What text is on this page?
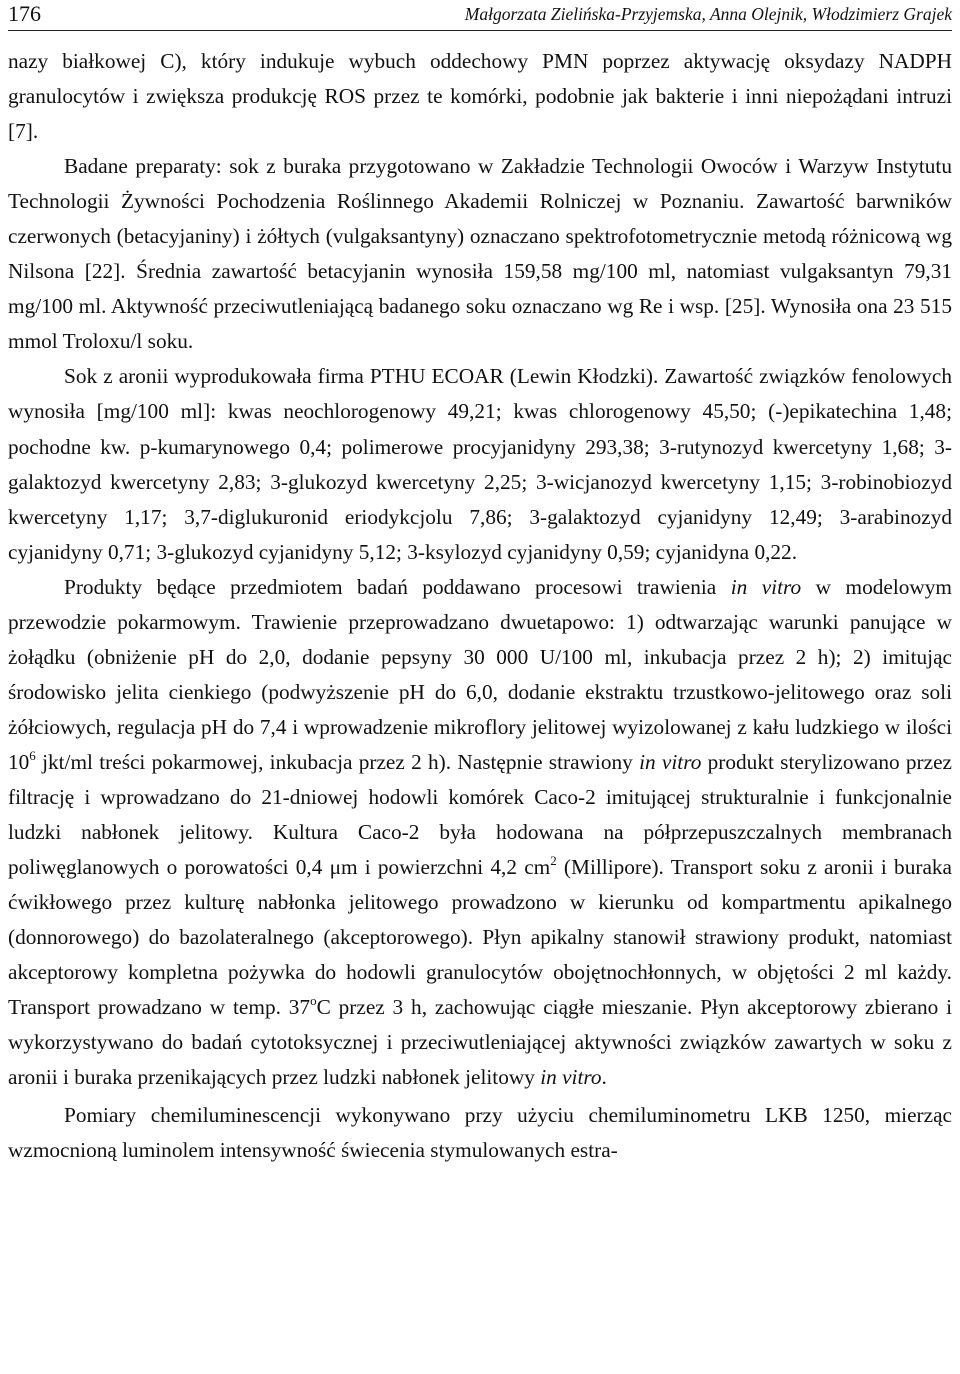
176	Małgorzata Zielińska-Przyjemska, Anna Olejnik, Włodzimierz Grajek

nazy białkowej C), który indukuje wybuch oddechowy PMN poprzez aktywację oksydazy NADPH granulocytów i zwiększa produkcję ROS przez te komórki, podobnie jak bakterie i inni niepożądani intruzi [7].

Badane preparaty: sok z buraka przygotowano w Zakładzie Technologii Owoców i Warzyw Instytutu Technologii Żywności Pochodzenia Roślinnego Akademii Rolniczej w Poznaniu. Zawartość barwników czerwonych (betacyjaniny) i żółtych (vulgaksantyny) oznaczano spektrofotometrycznie metodą różnicową wg Nilsona [22]. Średnia zawartość betacyjanin wynosiła 159,58 mg/100 ml, natomiast vulgaksantyn 79,31 mg/100 ml. Aktywność przeciwutleniającą badanego soku oznaczano wg Re i wsp. [25]. Wynosiła ona 23 515 mmol Troloxu/l soku.

Sok z aronii wyprodukowała firma PTHU ECOAR (Lewin Kłodzki). Zawartość związków fenolowych wynosiła [mg/100 ml]: kwas neochlorogenowy 49,21; kwas chlorogenowy 45,50; (-)epikatechina 1,48; pochodne kw. p-kumarynowego 0,4; polimerowe procyjanidyny 293,38; 3-rutynozyd kwercetyny 1,68; 3-galaktozyd kwercetyny 2,83; 3-glukozyd kwercetyny 2,25; 3-wicjanozyd kwercetyny 1,15; 3-robinobiozyd kwercetyny 1,17; 3,7-diglukuronid eriodykcjolu 7,86; 3-galaktozyd cyjanidyny 12,49; 3-arabinozyd cyjanidyny 0,71; 3-glukozyd cyjanidyny 5,12; 3-ksylozyd cyjanidyny 0,59; cyjanidyna 0,22.

Produkty będące przedmiotem badań poddawano procesowi trawienia in vitro w modelowym przewodzie pokarmowym. Trawienie przeprowadzano dwuetapowo: 1) odtwarzając warunki panujące w żołądku (obniżenie pH do 2,0, dodanie pepsyny 30 000 U/100 ml, inkubacja przez 2 h); 2) imitując środowisko jelita cienkiego (podwyższenie pH do 6,0, dodanie ekstraktu trzustkowo-jelitowego oraz soli żółciowych, regulacja pH do 7,4 i wprowadzenie mikroflory jelitowej wyizolowanej z kału ludzkiego w ilości $10^6$ jkt/ml treści pokarmowej, inkubacja przez 2 h). Następnie strawiony in vitro produkt sterylizowano przez filtrację i wprowadzano do 21-dniowej hodowli komórek Caco-2 imitującej strukturalnie i funkcjonalnie ludzki nabłonek jelitowy. Kultura Caco-2 była hodowana na półprzepuszczalnych membranach poliwęglanowych o porowatości 0,4 μm i powierzchni 4,2 $cm^2$ (Millipore). Transport soku z aronii i buraka ćwikłowego przez kulturę nabłonka jelitowego prowadzono w kierunku od kompartmentu apikalnego (donnorowego) do bazolateralnego (akceptorowego). Płyn apikalny stanowił strawiony produkt, natomiast akceptorowy kompletna pożywka do hodowli granulocytów obojętnochłonnych, w objętości 2 ml każdy. Transport prowadzano w temp. 37$^o$C przez 3 h, zachowując ciągłe mieszanie. Płyn akceptorowy zbierano i wykorzystywano do badań cytotoksycznej i przeciwutleniającej aktywności związków zawartych w soku z aronii i buraka przenikających przez ludzki nabłonek jelitowy in vitro.

Pomiary chemiluminescencji wykonywano przy użyciu chemiluminometru LKB 1250, mierząc wzmocnioną luminolem intensywność świecenia stymulowanych estra-
